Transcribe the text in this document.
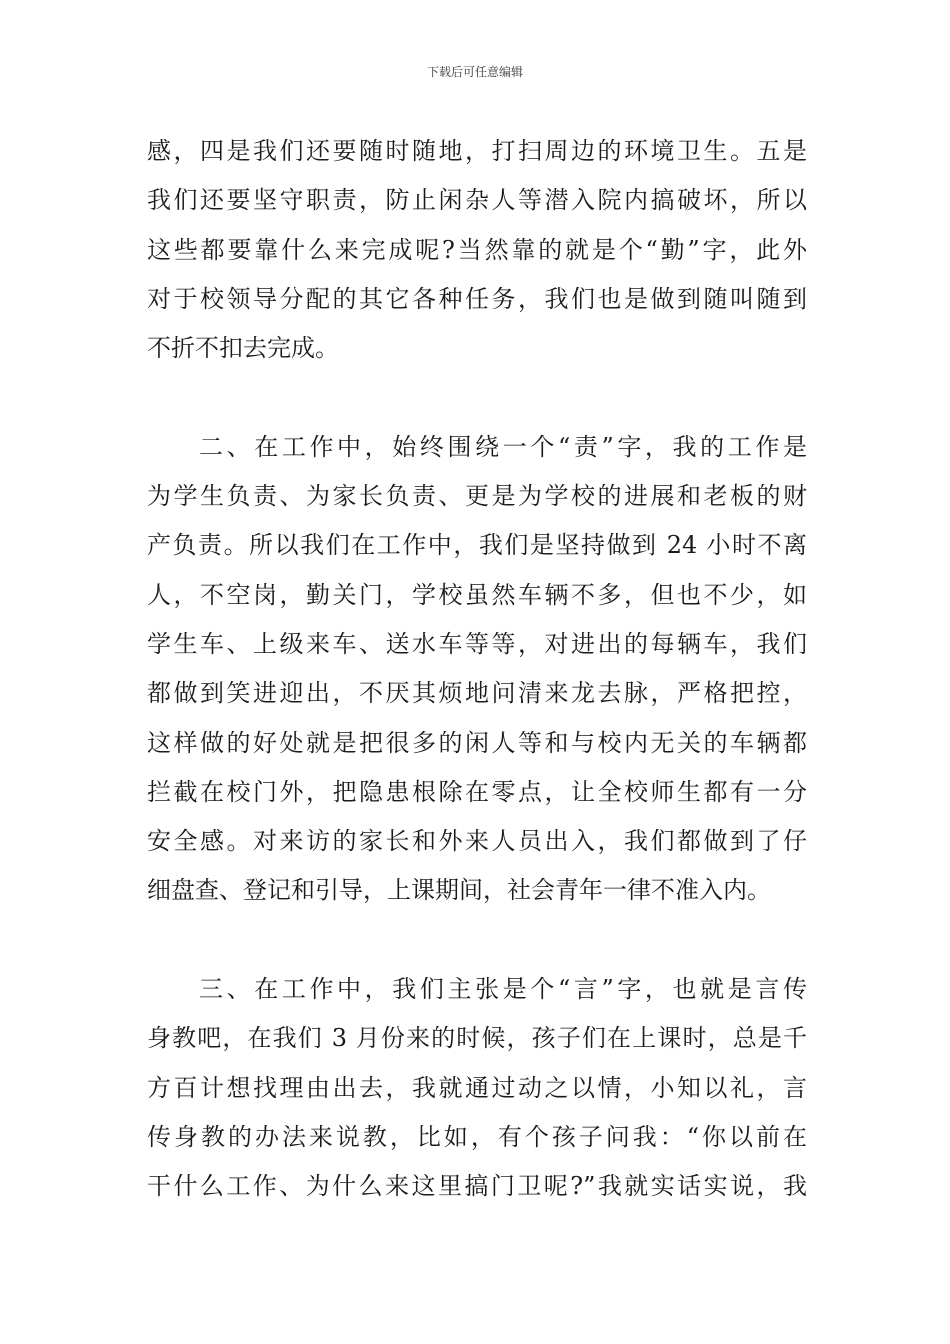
下载后可任意编辑
感，四是我们还要随时随地，打扫周边的环境卫生。五是
我们还要坚守职责，防止闲杂人等潜入院内搞破坏，所以
这些都要靠什么来完成呢?当然靠的就是个“勤”字，此外
对于校领导分配的其它各种任务，我们也是做到随叫随到
不折不扣去完成。
二、在工作中，始终围绕一个“责”字，我的工作是
为学生负责、为家长负责、更是为学校的进展和老板的财
产负责。所以我们在工作中，我们是坚持做到 24 小时不离
人，不空岗，勤关门，学校虽然车辆不多，但也不少，如
学生车、上级来车、送水车等等，对进出的每辆车，我们
都做到笑进迎出，不厌其烦地问清来龙去脉，严格把控，
这样做的好处就是把很多的闲人等和与校内无关的车辆都
拦截在校门外，把隐患根除在零点，让全校师生都有一分
安全感。对来访的家长和外来人员出入，我们都做到了仔
细盘查、登记和引导，上课期间，社会青年一律不准入内。
三、在工作中，我们主张是个“言”字，也就是言传
身教吧，在我们 3 月份来的时候，孩子们在上课时，总是千
方百计想找理由出去，我就通过动之以情，小知以礼，言
传身教的办法来说教，比如，有个孩子问我：“你以前在
干什么工作、为什么来这里搞门卫呢?”我就实话实说，我
